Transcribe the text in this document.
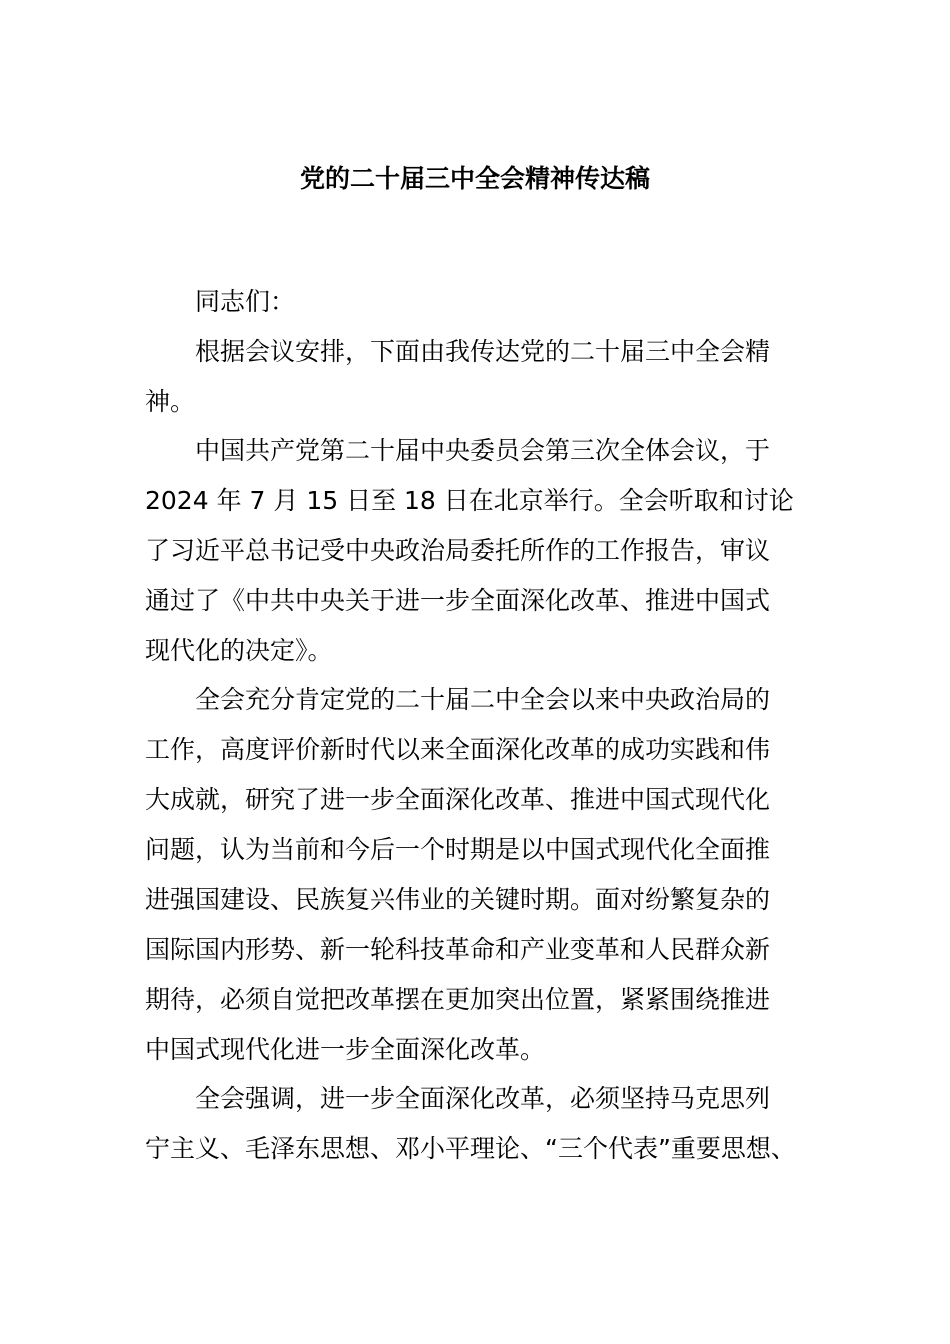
党的二十届三中全会精神传达稿
同志们：
根据会议安排，下面由我传达党的二十届三中全会精
神。
中国共产党第二十届中央委员会第三次全体会议，于
2024 年 7 月 15 日至 18 日在北京举行。全会听取和讨论
了习近平总书记受中央政治局委托所作的工作报告，审议
通过了《中共中央关于进一步全面深化改革、推进中国式
现代化的决定》。
全会充分肯定党的二十届二中全会以来中央政治局的
工作，高度评价新时代以来全面深化改革的成功实践和伟
大成就，研究了进一步全面深化改革、推进中国式现代化
问题，认为当前和今后一个时期是以中国式现代化全面推
进强国建设、民族复兴伟业的关键时期。面对纷繁复杂的
国际国内形势、新一轮科技革命和产业变革和人民群众新
期待，必须自觉把改革摆在更加突出位置，紧紧围绕推进
中国式现代化进一步全面深化改革。
全会强调，进一步全面深化改革，必须坚持马克思列
宁主义、毛泽东思想、邓小平理论、“三个代表”重要思想、
